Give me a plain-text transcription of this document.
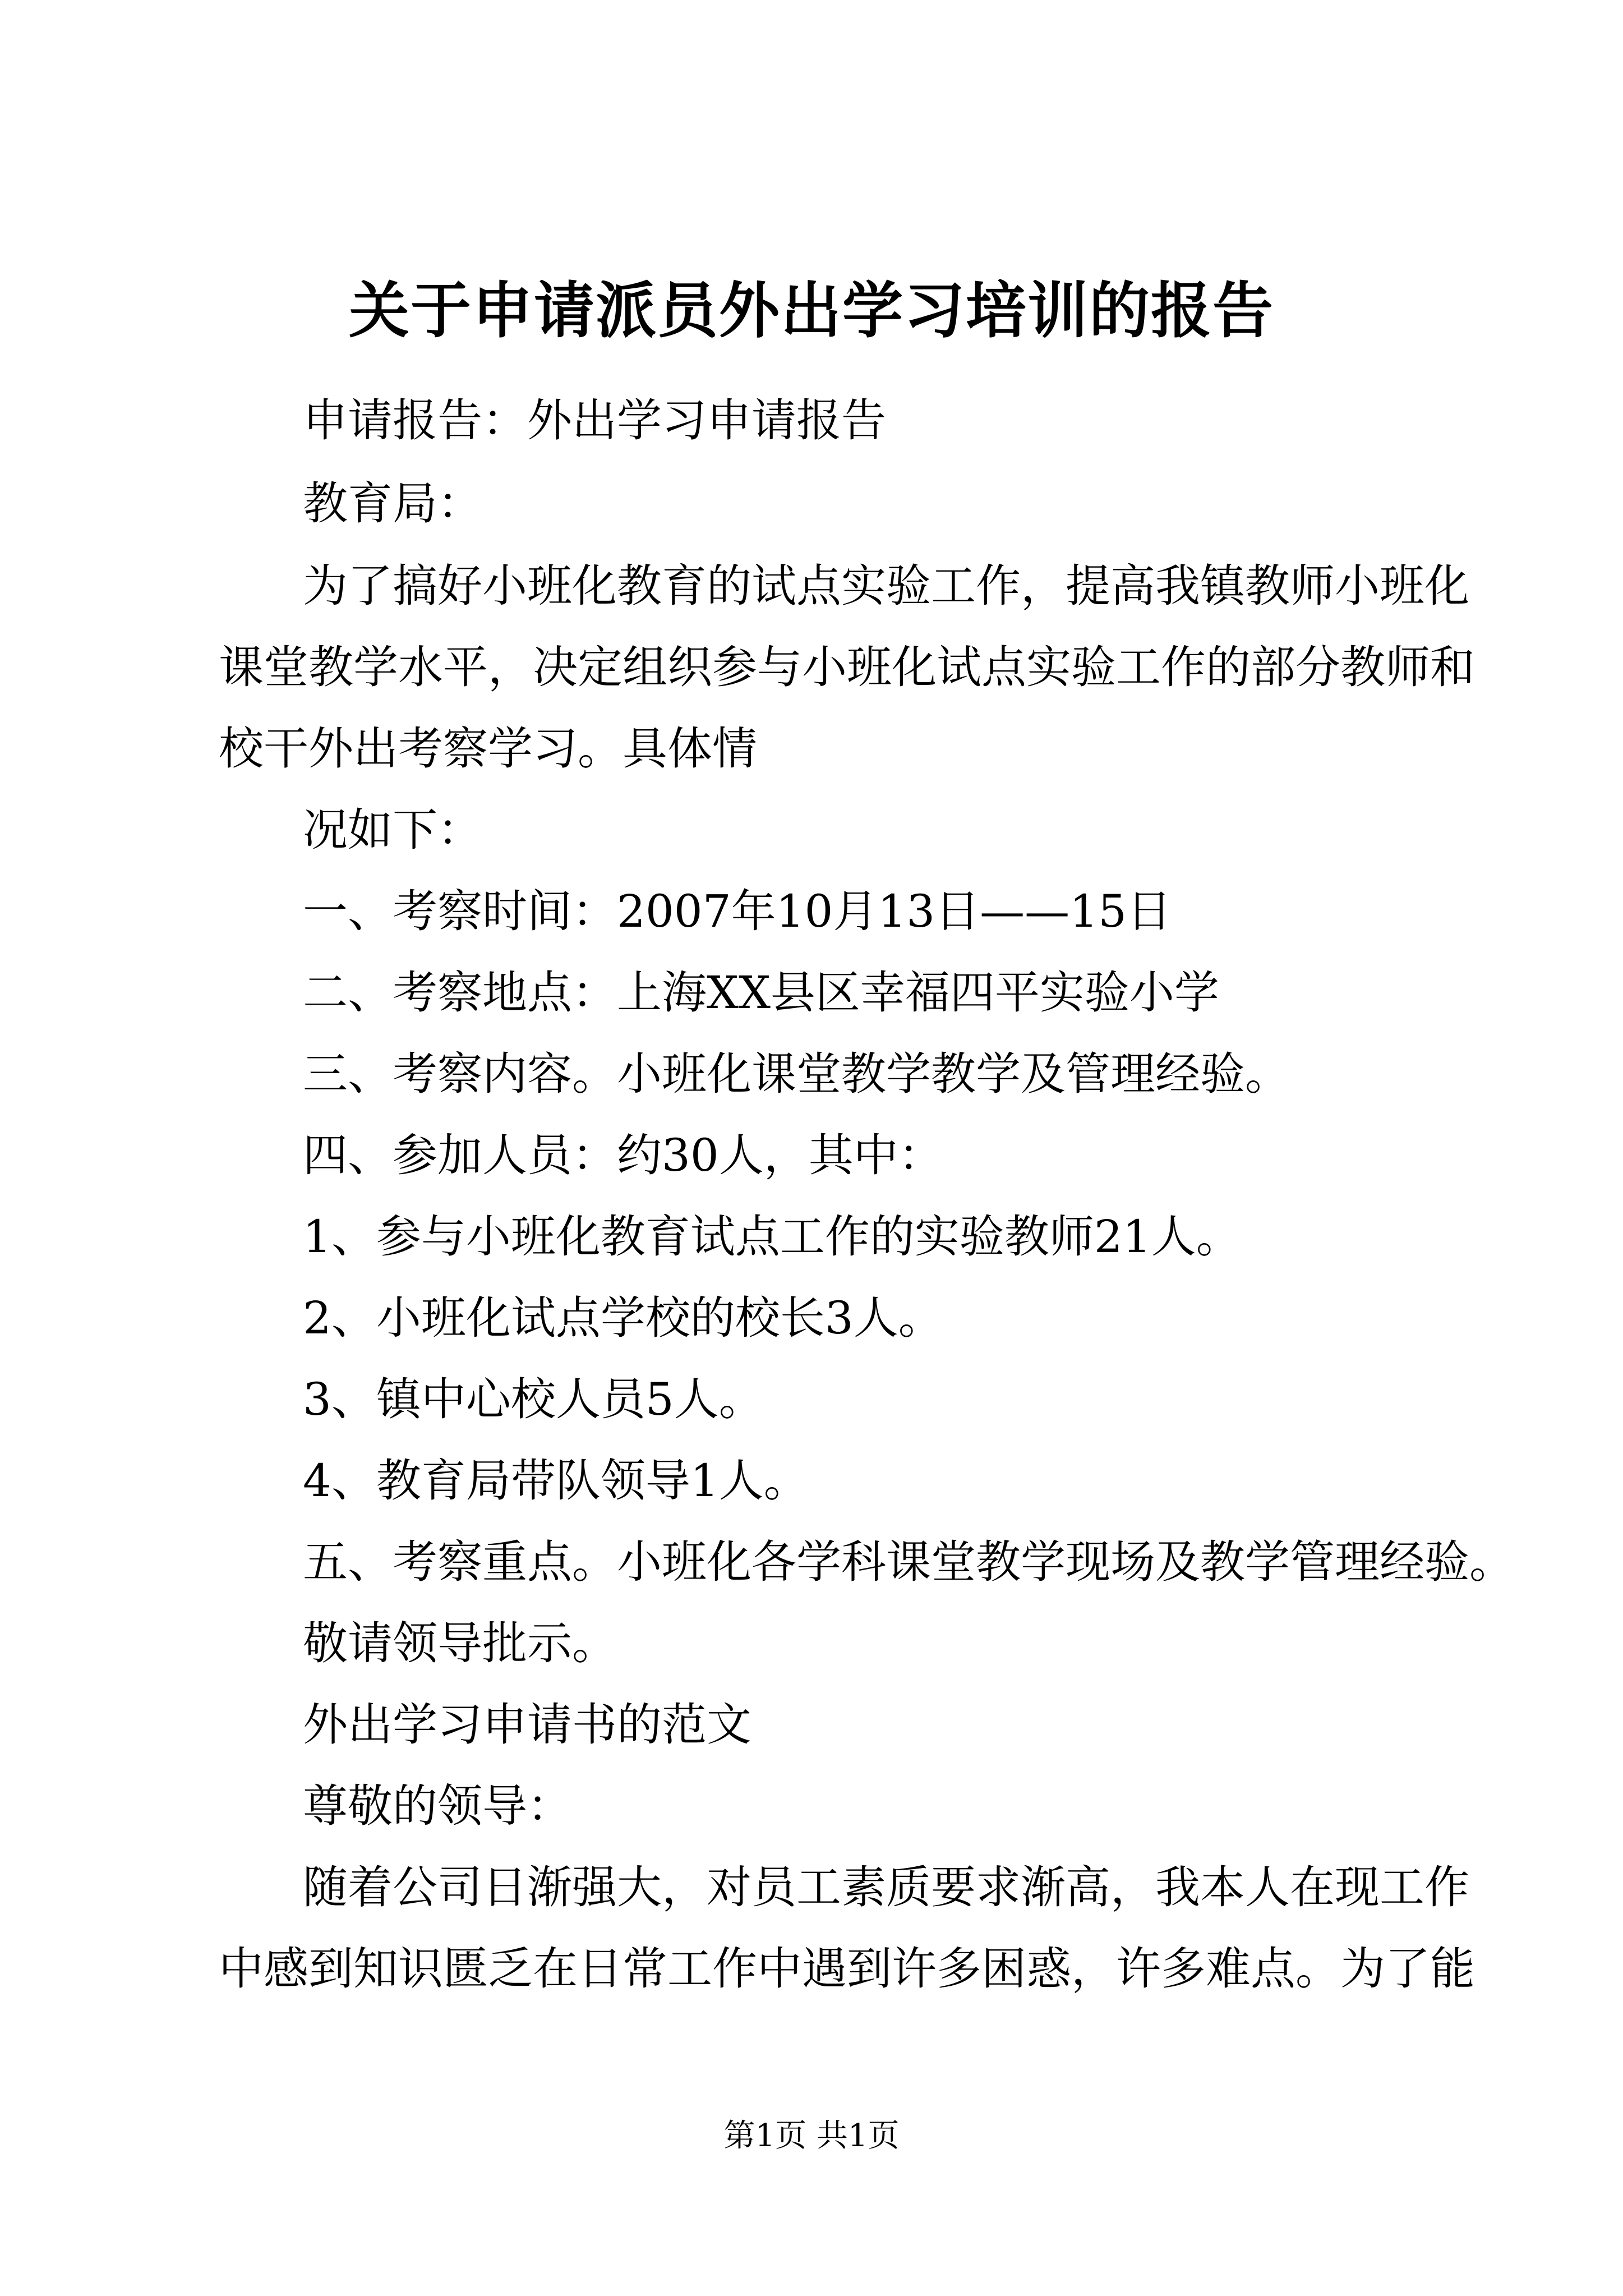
关于申请派员外出学习培训的报告
申请报告：外出学习申请报告
教育局：
为了搞好小班化教育的试点实验工作，提高我镇教师小班化
课堂教学水平，决定组织参与小班化试点实验工作的部分教师和
校干外出考察学习。具体情
况如下：
一、考察时间：2007年10月13日——15日
二、考察地点：上海XX县区幸福四平实验小学
三、考察内容。小班化课堂教学教学及管理经验。
四、参加人员：约30人，其中：
1、参与小班化教育试点工作的实验教师21人。
2、小班化试点学校的校长3人。
3、镇中心校人员5人。
4、教育局带队领导1人。
五、考察重点。小班化各学科课堂教学现场及教学管理经验。
敬请领导批示。
外出学习申请书的范文
尊敬的领导：
随着公司日渐强大，对员工素质要求渐高，我本人在现工作
中感到知识匮乏在日常工作中遇到许多困惑，许多难点。为了能
第1页 共1页
